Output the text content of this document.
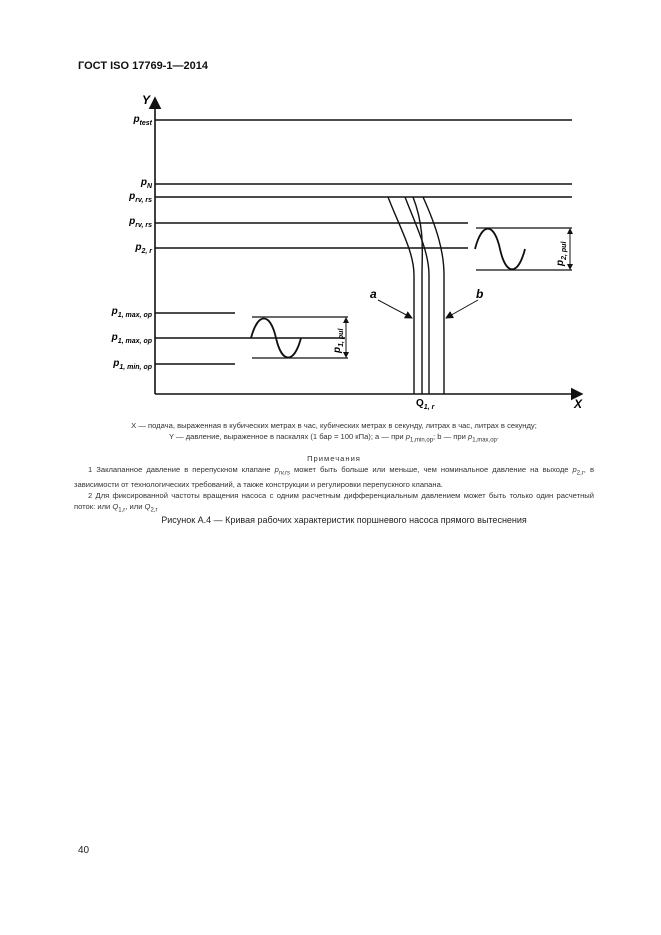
ГОСТ ISO 17769-1—2014
Y
X
$p_{test}$
$p_N$
$p_{rv, rs}$
$p_{rv, rs}$
$p_{2, r}$
$p_{1, max, op}$
$p_{1, max, op}$
$p_{1, min, op}$
a	b
$Q_{1, r}$
$p_{1, pul}$
$p_{2, pul}$
X — подача, выраженная в кубических метрах в час, кубических метрах в секунду, литрах в час, литрах в секунду;
Y — давление, выраженное в паскалях (1 бар = 100 кПа); a — при $p_{1,min,op}$; b — при $p_{1,max,op}$.
Примечания
1 Заклапанное давление в перепускном клапане $p_{rv,rs}$ может быть больше или меньше, чем номинальное давление на выходе $p_{2,r}$, в зависимости от технологических требований, а также конструкции и регулировки перепускного клапана.
2 Для фиксированной частоты вращения насоса с одним расчетным дифференциальным давлением может быть только один расчетный поток: или $Q_{1,r}$, или $Q_{2,r}$
Рисунок А.4 — Кривая рабочих характеристик поршневого насоса прямого вытеснения
40
